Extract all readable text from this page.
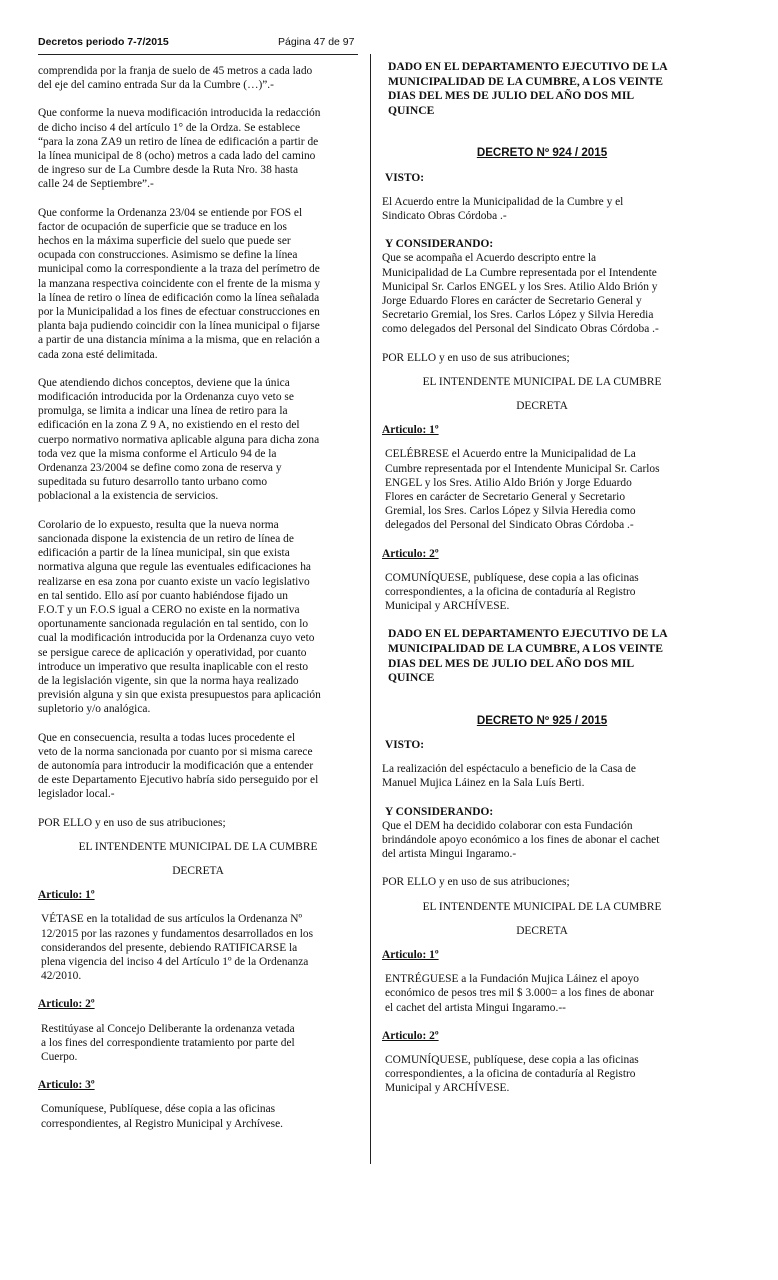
Decretos periodo 7-7/2015	Página 47 de 97

comprendida por la franja de suelo de 45 metros a cada lado
del eje del camino entrada Sur da la Cumbre (…)”.-

Que conforme la nueva modificación introducida la redacción
de dicho inciso 4 del artículo 1° de la Ordza. Se establece
“para la zona ZA9 un retiro de línea de edificación a partir de
la línea municipal de 8 (ocho) metros a cada lado del camino
de ingreso sur de La Cumbre desde la Ruta Nro. 38 hasta
calle 24 de Septiembre”.-

Que conforme la Ordenanza 23/04 se entiende por FOS el
factor de ocupación de superficie que se traduce en los
hechos en la máxima superficie del suelo que puede ser
ocupada con construcciones. Asimismo se define la línea
municipal como la correspondiente a la traza del perímetro de
la manzana respectiva coincidente con el frente de la misma y
la línea de retiro o línea de edificación como la línea señalada
por la Municipalidad a los fines de efectuar construcciones en
planta baja pudiendo coincidir con la línea municipal o fijarse
a partir de una distancia mínima a la misma, que en relación a
cada zona esté delimitada.

Que atendiendo dichos conceptos, deviene que la única
modificación introducida por la Ordenanza cuyo veto se
promulga, se limita a indicar una línea de retiro para la
edificación en la zona Z 9 A, no existiendo en el resto del
cuerpo normativo normativa aplicable alguna para dicha zona
toda vez que la misma conforme el Articulo 94 de la
Ordenanza 23/2004 se define como zona de reserva y
supeditada su futuro desarrollo tanto urbano como
poblacional a la existencia de servicios.

Corolario de lo expuesto, resulta que la nueva norma
sancionada dispone la existencia de un retiro de línea de
edificación a partir de la línea municipal, sin que exista
normativa alguna que regule las eventuales edificaciones ha
realizarse en esa zona por cuanto existe un vacío legislativo
en tal sentido. Ello así por cuanto habiéndose fijado un
F.O.T y un F.O.S igual a CERO no existe en la normativa
oportunamente sancionada regulación en tal sentido, con lo
cual la modificación introducida por la Ordenanza cuyo veto
se persigue carece de aplicación y operatividad, por cuanto
introduce un imperativo que resulta inaplicable con el resto
de la legislación vigente, sin que la norma haya realizado
previsión alguna y sin que exista presupuestos para aplicación
supletorio y/o analógica.

Que en consecuencia, resulta a todas luces procedente el
veto de la norma sancionada por cuanto por si misma carece
de autonomía para introducir la modificación que a entender
de este Departamento Ejecutivo habría sido perseguido por el
legislador local.-

POR ELLO y en uso de sus atribuciones;

EL INTENDENTE MUNICIPAL DE LA CUMBRE

DECRETA

Articulo: 1º

VÉTASE en la totalidad de sus artículos la Ordenanza Nº
12/2015 por las razones y fundamentos desarrollados en los
considerandos del presente, debiendo RATIFICARSE la
plena vigencia del inciso 4 del Artículo 1º de la Ordenanza
42/2010.

Articulo: 2º

Restitúyase al Concejo Deliberante la ordenanza vetada
a los fines del correspondiente tratamiento por parte del
Cuerpo.

Articulo: 3º

Comuníquese, Publíquese, dése copia a las oficinas
correspondientes, al Registro Municipal y Archívese.

DADO EN EL DEPARTAMENTO EJECUTIVO DE LA
MUNICIPALIDAD DE LA CUMBRE, A LOS VEINTE
DIAS DEL MES DE JULIO DEL AÑO DOS MIL
QUINCE

DECRETO Nº 924 / 2015

VISTO:

El Acuerdo entre la Municipalidad de la Cumbre y el
Sindicato Obras Córdoba .-

Y CONSIDERANDO:

Que se acompaña el Acuerdo descripto entre la
Municipalidad de La Cumbre representada por el Intendente
Municipal Sr. Carlos ENGEL y los Sres. Atilio Aldo Brión y
Jorge Eduardo Flores en carácter de Secretario General y
Secretario Gremial, los Sres. Carlos López y Silvia Heredia
como delegados del Personal del Sindicato Obras Córdoba .-

POR ELLO y en uso de sus atribuciones;

EL INTENDENTE MUNICIPAL DE LA CUMBRE

DECRETA

Articulo: 1º

CELÉBRESE el Acuerdo entre la Municipalidad de La
Cumbre representada por el Intendente Municipal Sr. Carlos
ENGEL y los Sres. Atilio Aldo Brión y Jorge Eduardo
Flores en carácter de Secretario General y Secretario
Gremial, los Sres. Carlos López y Silvia Heredia como
delegados del Personal del Sindicato Obras Córdoba .-

Articulo: 2º

COMUNÍQUESE, publíquese, dese copia a las oficinas
correspondientes, a la oficina de contaduría al Registro
Municipal y ARCHÍVESE.

DADO EN EL DEPARTAMENTO EJECUTIVO DE LA
MUNICIPALIDAD DE LA CUMBRE, A LOS VEINTE
DIAS DEL MES DE JULIO DEL AÑO DOS MIL
QUINCE

DECRETO Nº 925 / 2015

VISTO:

La realización del espéctaculo a beneficio de la Casa de
Manuel Mujica Láinez en la Sala Luís Berti.

Y CONSIDERANDO:

Que el DEM ha decidido colaborar con esta Fundación
brindándole apoyo económico a los fines de abonar el cachet
del artista Mingui Ingaramo.-

POR ELLO y en uso de sus atribuciones;

EL INTENDENTE MUNICIPAL DE LA CUMBRE

DECRETA

Articulo: 1º

ENTRÉGUESE a la Fundación Mujica Láinez el apoyo
económico de pesos tres mil $ 3.000= a los fines de abonar
el cachet del artista Mingui Ingaramo.--

Articulo: 2º

COMUNÍQUESE, publíquese, dese copia a las oficinas
correspondientes, a la oficina de contaduría al Registro
Municipal y ARCHÍVESE.
